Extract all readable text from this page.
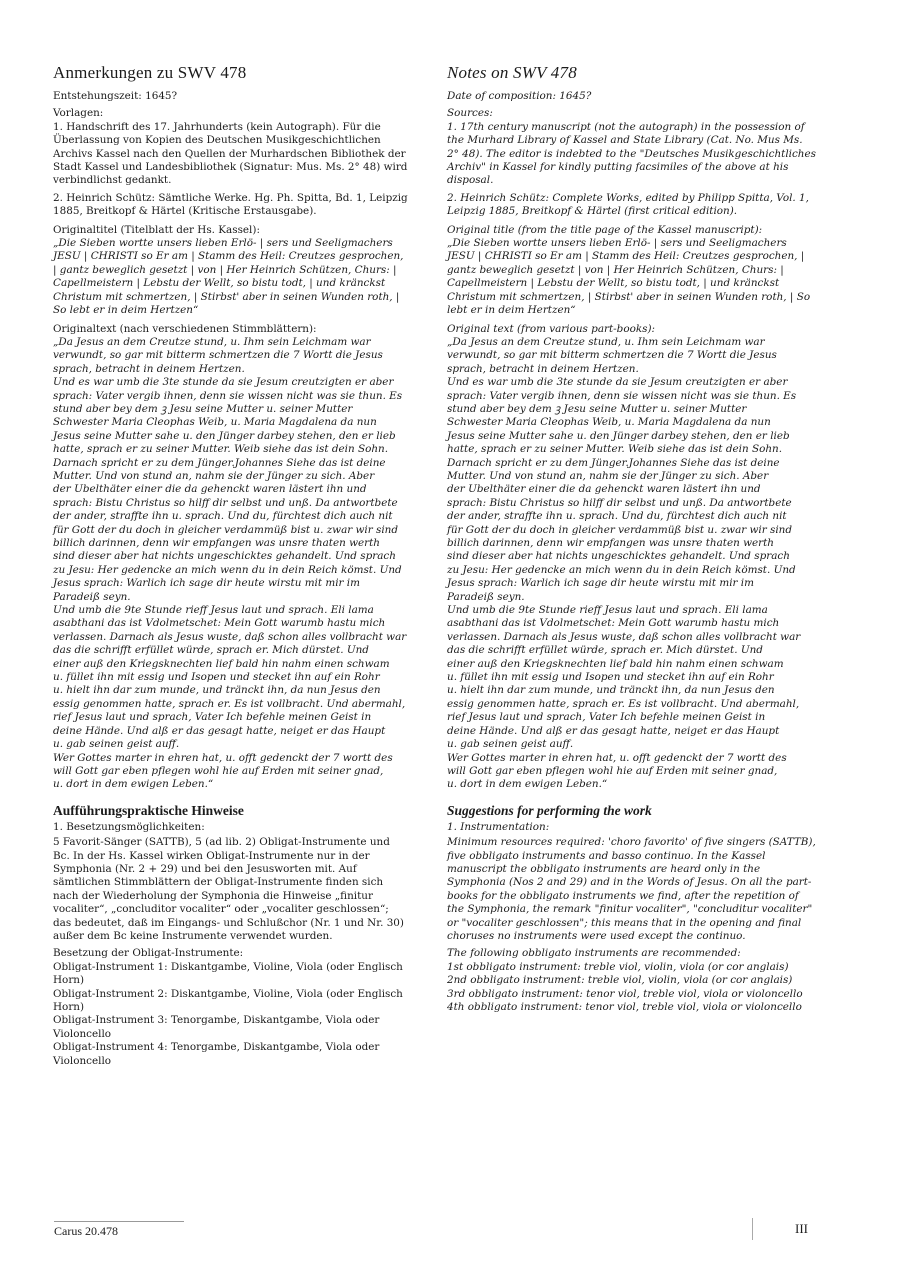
Anmerkungen zu SWV 478

Entstehungszeit: 1645?

Vorlagen:

1. Handschrift des 17. Jahrhunderts (kein Autograph). Für die Überlassung von Kopien des Deutschen Musikgeschichtlichen Archivs Kassel nach den Quellen der Murhardschen Bibliothek der Stadt Kassel und Landesbibliothek (Signatur: Mus. Ms. 2° 48) wird verbindlichst gedankt.

2. Heinrich Schütz: Sämtliche Werke. Hg. Ph. Spitta, Bd. 1, Leipzig 1885, Breitkopf & Härtel (Kritische Erstausgabe).

Originaltitel (Titelblatt der Hs. Kassel):

„Die Sieben wortte unsers lieben Erlö- | sers und Seeligmachers JESU | CHRISTI so Er am | Stamm des Heil: Creutzes gesprochen, | gantz beweglich gesetzt | von | Her Heinrich Schützen, Churs: | Capellmeistern | Lebstu der Wellt, so bistu todt, | und kränckst Christum mit schmertzen, | Stirbst' aber in seinen Wunden roth, | So lebt er in deim Hertzen“

Originaltext (nach verschiedenen Stimmblättern):

„Da Jesus an dem Creutze stund, u. Ihm sein Leichmam war
verwundt, so gar mit bitterm schmertzen die 7 Wortt die Jesus
sprach, betracht in deinem Hertzen.
Und es war umb die 3te stunde da sie Jesum creutzigten er aber
sprach: Vater vergib ihnen, denn sie wissen nicht was sie thun. Es
stund aber bey dem ꝫ Jesu seine Mutter u. seiner Mutter
Schwester Maria Cleophas Weib, u. Maria Magdalena da nun
Jesus seine Mutter sahe u. den Jünger darbey stehen, den er lieb
hatte, sprach er zu seiner Mutter. Weib siehe das ist dein Sohn.
Darnach spricht er zu dem Jünger.Johannes Siehe das ist deine
Mutter. Und von stund an, nahm sie der Jünger zu sich. Aber
der Ubelthäter einer die da gehenckt waren lästert ihn und
sprach: Bistu Christus so hilff dir selbst und unß. Da antwortbete
der ander, straffte ihn u. sprach. Und du, fürchtest dich auch nit
für Gott der du doch in gleicher verdammüß bist u. zwar wir sind
billich darinnen, denn wir empfangen was unsre thaten werth
sind dieser aber hat nichts ungeschicktes gehandelt. Und sprach
zu Jesu: Her gedencke an mich wenn du in dein Reich kömst. Und
Jesus sprach: Warlich ich sage dir heute wirstu mit mir im
Paradeiß seyn.
Und umb die 9te Stunde rieff Jesus laut und sprach. Eli lama
asabthani das ist Vdolmetschet: Mein Gott warumb hastu mich
verlassen. Darnach als Jesus wuste, daß schon alles vollbracht war
das die schrifft erfüllet würde, sprach er. Mich dürstet. Und
einer auß den Kriegsknechten lief bald hin nahm einen schwam
u. füllet ihn mit essig und Isopen und stecket ihn auf ein Rohr
u. hielt ihn dar zum munde, und tränckt ihn, da nun Jesus den
essig genommen hatte, sprach er. Es ist vollbracht. Und abermahl,
rief Jesus laut und sprach, Vater Ich befehle meinen Geist in
deine Hände. Und alß er das gesagt hatte, neiget er das Haupt
u. gab seinen geist auff.
Wer Gottes marter in ehren hat, u. offt gedenckt der 7 wortt des
will Gott gar eben pflegen wohl hie auf Erden mit seiner gnad,
u. dort in dem ewigen Leben.“
Aufführungspraktische Hinweise

1. Besetzungsmöglichkeiten:

5 Favorit-Sänger (SATTB), 5 (ad lib. 2) Obligat-Instrumente und Bc. In der Hs. Kassel wirken Obligat-Instrumente nur in der Symphonia (Nr. 2 + 29) und bei den Jesusworten mit. Auf sämtlichen Stimmblättern der Obligat-Instrumente finden sich nach der Wiederholung der Symphonia die Hinweise „finitur vocaliter“, „concluditor vocaliter“ oder „vocaliter geschlossen“; das bedeutet, daß im Eingangs- und Schlußchor (Nr. 1 und Nr. 30) außer dem Bc keine Instrumente verwendet wurden.

Besetzung der Obligat-Instrumente:

Obligat-Instrument 1: Diskantgambe, Violine, Viola (oder Englisch Horn)
Obligat-Instrument 2: Diskantgambe, Violine, Viola (oder Englisch Horn)
Obligat-Instrument 3: Tenorgambe, Diskantgambe, Viola oder Violoncello
Obligat-Instrument 4: Tenorgambe, Diskantgambe, Viola oder Violoncello
Notes on SWV 478

Date of composition: 1645?

Sources:

1. 17th century manuscript (not the autograph) in the possession of the Murhard Library of Kassel and State Library (Cat. No. Mus Ms. 2° 48). The editor is indebted to the "Deutsches Musikgeschichtliches Archiv" in Kassel for kindly putting facsimiles of the above at his disposal.

2. Heinrich Schütz: Complete Works, edited by Philipp Spitta, Vol. 1, Leipzig 1885, Breitkopf & Härtel (first critical edition).

Original title (from the title page of the Kassel manuscript):

„Die Sieben wortte unsers lieben Erlö- | sers und Seeligmachers JESU | CHRISTI so Er am | Stamm des Heil: Creutzes gesprochen, | gantz beweglich gesetzt | von | Her Heinrich Schützen, Churs: | Capellmeistern | Lebstu der Wellt, so bistu todt, | und kränckst Christum mit schmertzen, | Stirbst' aber in seinen Wunden roth, | So lebt er in deim Hertzen“

Original text (from various part-books):

„Da Jesus an dem Creutze stund, u. Ihm sein Leichmam war
verwundt, so gar mit bitterm schmertzen die 7 Wortt die Jesus
sprach, betracht in deinem Hertzen.
Und es war umb die 3te stunde da sie Jesum creutzigten er aber
sprach: Vater vergib ihnen, denn sie wissen nicht was sie thun. Es
stund aber bey dem ꝫ Jesu seine Mutter u. seiner Mutter
Schwester Maria Cleophas Weib, u. Maria Magdalena da nun
Jesus seine Mutter sahe u. den Jünger darbey stehen, den er lieb
hatte, sprach er zu seiner Mutter. Weib siehe das ist dein Sohn.
Darnach spricht er zu dem Jünger.Johannes Siehe das ist deine
Mutter. Und von stund an, nahm sie der Jünger zu sich. Aber
der Ubelthäter einer die da gehenckt waren lästert ihn und
sprach: Bistu Christus so hilff dir selbst und unß. Da antwortbete
der ander, straffte ihn u. sprach. Und du, fürchtest dich auch nit
für Gott der du doch in gleicher verdammüß bist u. zwar wir sind
billich darinnen, denn wir empfangen was unsre thaten werth
sind dieser aber hat nichts ungeschicktes gehandelt. Und sprach
zu Jesu: Her gedencke an mich wenn du in dein Reich kömst. Und
Jesus sprach: Warlich ich sage dir heute wirstu mit mir im
Paradeiß seyn.
Und umb die 9te Stunde rieff Jesus laut und sprach. Eli lama
asabthani das ist Vdolmetschet: Mein Gott warumb hastu mich
verlassen. Darnach als Jesus wuste, daß schon alles vollbracht war
das die schrifft erfüllet würde, sprach er. Mich dürstet. Und
einer auß den Kriegsknechten lief bald hin nahm einen schwam
u. füllet ihn mit essig und Isopen und stecket ihn auf ein Rohr
u. hielt ihn dar zum munde, und tränckt ihn, da nun Jesus den
essig genommen hatte, sprach er. Es ist vollbracht. Und abermahl,
rief Jesus laut und sprach, Vater Ich befehle meinen Geist in
deine Hände. Und alß er das gesagt hatte, neiget er das Haupt
u. gab seinen geist auff.
Wer Gottes marter in ehren hat, u. offt gedenckt der 7 wortt des
will Gott gar eben pflegen wohl hie auf Erden mit seiner gnad,
u. dort in dem ewigen Leben.“
Suggestions for performing the work

1. Instrumentation:

Minimum resources required: 'choro favorito' of five singers (SATTB), five obbligato instruments and basso continuo. In the Kassel manuscript the obbligato instruments are heard only in the Symphonia (Nos 2 and 29) and in the Words of Jesus. On all the part-books for the obbligato instruments we find, after the repetition of the Symphonia, the remark "finitur vocaliter", "concluditur vocaliter" or "vocaliter geschlossen"; this means that in the opening and final choruses no instruments were used except the continuo.

The following obbligato instruments are recommended:

1st obbligato instrument: treble viol, violin, viola (or cor anglais)
2nd obbligato instrument: treble viol, violin, viola (or cor anglais)
3rd obbligato instrument: tenor viol, treble viol, viola or violoncello
4th obbligato instrument: tenor viol, treble viol, viola or violoncello
Carus 20.478	III
